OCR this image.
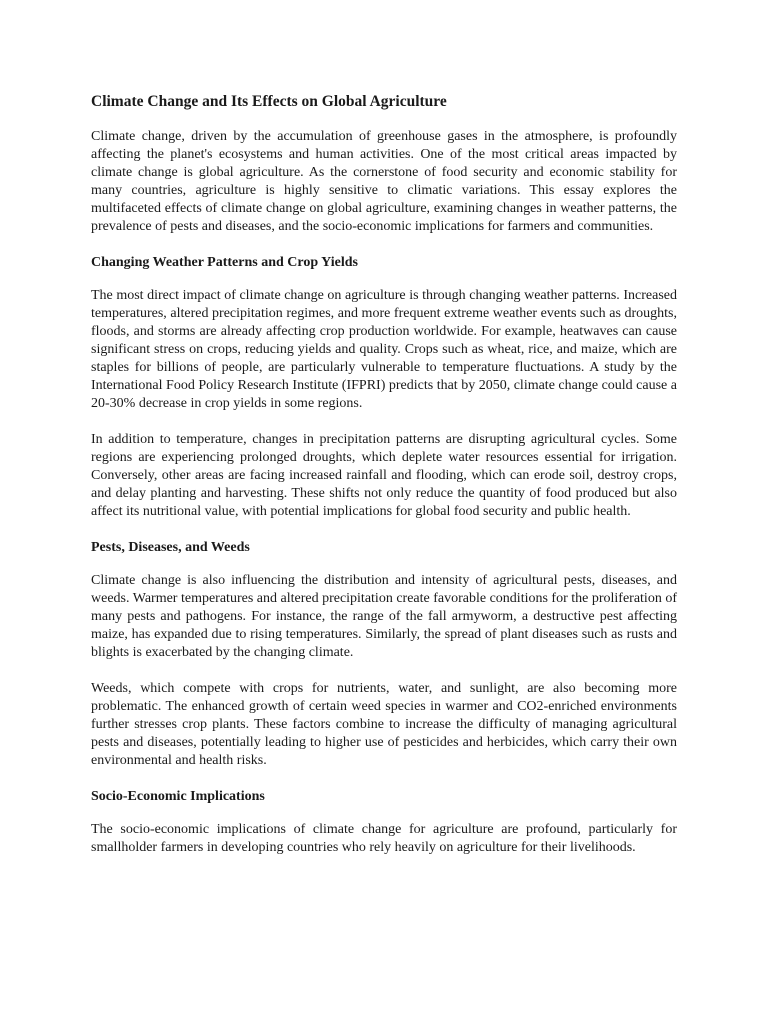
Climate Change and Its Effects on Global Agriculture

Climate change, driven by the accumulation of greenhouse gases in the atmosphere, is profoundly affecting the planet's ecosystems and human activities. One of the most critical areas impacted by climate change is global agriculture. As the cornerstone of food security and economic stability for many countries, agriculture is highly sensitive to climatic variations. This essay explores the multifaceted effects of climate change on global agriculture, examining changes in weather patterns, the prevalence of pests and diseases, and the socio-economic implications for farmers and communities.

Changing Weather Patterns and Crop Yields

The most direct impact of climate change on agriculture is through changing weather patterns. Increased temperatures, altered precipitation regimes, and more frequent extreme weather events such as droughts, floods, and storms are already affecting crop production worldwide. For example, heatwaves can cause significant stress on crops, reducing yields and quality. Crops such as wheat, rice, and maize, which are staples for billions of people, are particularly vulnerable to temperature fluctuations. A study by the International Food Policy Research Institute (IFPRI) predicts that by 2050, climate change could cause a 20-30% decrease in crop yields in some regions.

In addition to temperature, changes in precipitation patterns are disrupting agricultural cycles. Some regions are experiencing prolonged droughts, which deplete water resources essential for irrigation. Conversely, other areas are facing increased rainfall and flooding, which can erode soil, destroy crops, and delay planting and harvesting. These shifts not only reduce the quantity of food produced but also affect its nutritional value, with potential implications for global food security and public health.

Pests, Diseases, and Weeds

Climate change is also influencing the distribution and intensity of agricultural pests, diseases, and weeds. Warmer temperatures and altered precipitation create favorable conditions for the proliferation of many pests and pathogens. For instance, the range of the fall armyworm, a destructive pest affecting maize, has expanded due to rising temperatures. Similarly, the spread of plant diseases such as rusts and blights is exacerbated by the changing climate.

Weeds, which compete with crops for nutrients, water, and sunlight, are also becoming more problematic. The enhanced growth of certain weed species in warmer and CO2-enriched environments further stresses crop plants. These factors combine to increase the difficulty of managing agricultural pests and diseases, potentially leading to higher use of pesticides and herbicides, which carry their own environmental and health risks.

Socio-Economic Implications

The socio-economic implications of climate change for agriculture are profound, particularly for smallholder farmers in developing countries who rely heavily on agriculture for their livelihoods.
